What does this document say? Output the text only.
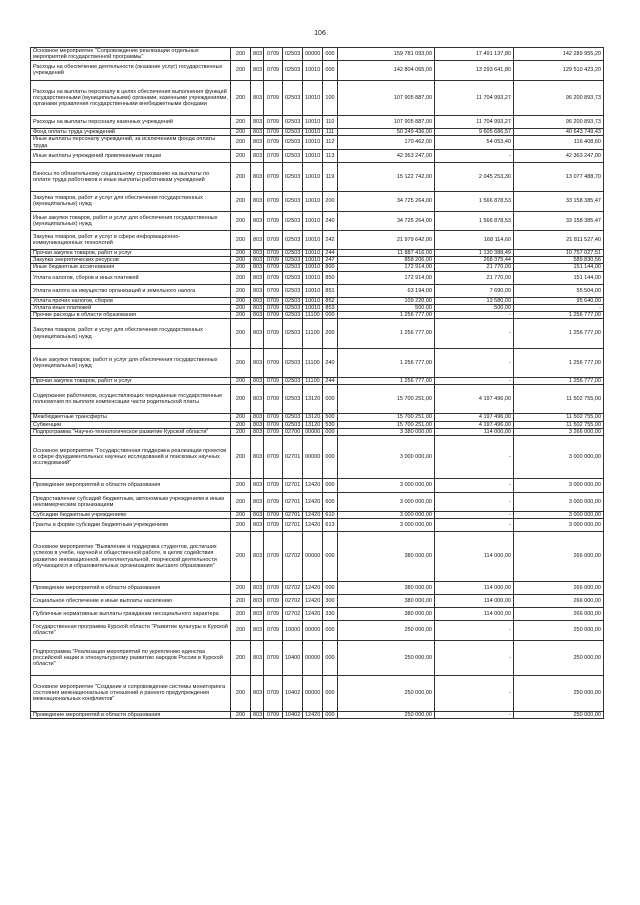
106
Основное мероприятие "Сопровождение реализации отдельных мероприятий государственной программы"	200	803	0709	02503	00000	000	159 781 093,00	17 491 137,80	142 289 955,20
Расходы на обеспечение деятельности (оказание услуг) государственных учреждений	200	803	0709	02503	10010	000	142 804 065,00	13 293 641,80	129 510 423,20
Расходы на выплаты персоналу в целях обеспечения выполнения функций государственными (муниципальными) органами, казенными учреждениями, органами управления государственными внебюджетными фондами	200	803	0709	02503	10010	100	107 905 887,00	11 704 993,27	96 200 893,73
Расходы на выплаты персоналу казенных учреждений	200	803	0709	02503	10010	110	107 905 887,00	11 704 993,27	96 200 893,73
Фонд оплаты труда учреждений	200	803	0709	02503	10010	111	50 249 436,00	9 605 686,57	40 643 749,43
Иные выплаты персоналу учреждений, за исключением фонда оплаты труда	200	803	0709	02503	10010	112	170 462,00	54 053,40	116 408,60
Иные выплаты учреждений привлекаемым лицам	200	803	0709	02503	10010	113	42 363 247,00	-	42 363 247,00
Взносы по обязательному социальному страхованию на выплаты по оплате труда работников и иные выплаты работникам учреждений	200	803	0709	02503	10010	119	15 122 742,00	2 045 253,30	13 077 488,70
Закупка товаров, работ и услуг для обеспечения государственных (муниципальных) нужд	200	803	0709	02503	10010	200	34 725 264,00	1 566 878,53	33 158 385,47
Иные закупки товаров, работ и услуг для обеспечения государственных (муниципальных) нужд	200	803	0709	02503	10010	240	34 725 264,00	1 566 878,53	33 158 385,47
Закупка товаров, работ и услуг в сфере информационно-коммуникационных технологий	200	803	0709	02503	10010	242	21 979 642,00	168 114,60	21 811 527,40
Прочая закупка товаров, работ и услуг	200	803	0709	02503	10010	244	11 887 416,00	1 130 388,49	10 757 027,51
Закупка энергетических ресурсов	200	803	0709	02503	10010	247	858 206,00	268 375,44	589 830,56
Иные бюджетные ассигнования	200	803	0709	02503	10010	800	172 914,00	21 770,00	151 144,00
Уплата налогов, сборов и иных платежей	200	803	0709	02503	10010	850	172 914,00	21 770,00	151 144,00
Уплата налога на имущество организаций и земельного налога	200	803	0709	02503	10010	851	63 194,00	7 690,00	55 504,00
Уплата прочих налогов, сборов	200	803	0709	02503	10010	852	109 220,00	13 580,00	95 640,00
Уплата иных платежей	200	803	0709	02503	10010	853	500,00	500,00	-
Прочие расходы в области образования	200	803	0709	02503	11100	000	1 256 777,00	-	1 256 777,00
Закупка товаров, работ и услуг для обеспечения государственных (муниципальных) нужд	200	803	0709	02503	11100	200	1 256 777,00	-	1 256 777,00
Иные закупки товаров, работ и услуг для обеспечения государственных (муниципальных) нужд	200	803	0709	02503	11100	240	1 256 777,00	-	1 256 777,00
Прочая закупка товаров, работ и услуг	200	803	0709	02503	11100	244	1 256 777,00	-	1 256 777,00
Содержание работников, осуществляющих переданные государственные полномочия по выплате компенсации части родительской платы	200	803	0709	02503	13120	000	15 700 251,00	4 197 496,00	11 502 755,00
Межбюджетные трансферты	200	803	0709	02503	13120	500	15 700 251,00	4 197 496,00	11 502 755,00
Субвенции	200	803	0709	02503	13120	530	15 700 251,00	4 197 496,00	11 502 755,00
Подпрограмма "Научно-технологическое развитие Курской области"	200	803	0709	02700	00000	000	3 380 000,00	114 000,00	3 266 000,00
Основное мероприятие "Государственная поддержка реализации проектов в сфере фундаментальных научных исследований и поисковых научных исследований"	200	803	0709	02701	00000	000	3 000 000,00	-	3 000 000,00
Проведение мероприятий в области образования	200	803	0709	02701	12420	000	3 000 000,00	-	3 000 000,00
Предоставление субсидий бюджетным, автономным учреждениям и иным некоммерческим организациям	200	803	0709	02701	12420	600	3 000 000,00	-	3 000 000,00
Субсидии бюджетным учреждениям	200	803	0709	02701	12420	610	3 000 000,00	-	3 000 000,00
Гранты в форме субсидии бюджетным учреждениям	200	803	0709	02701	12420	613	3 000 000,00	-	3 000 000,00
Основное мероприятие "Выявление и поддержка студентов, достигших успехов в учебе, научной и общественной работе, в целях содействия развитию инновационной, интеллектуальной, творческой деятельности обучающихся в образовательных организациях высшего образования"	200	803	0709	02702	00000	000	380 000,00	114 000,00	266 000,00
Проведение мероприятий в области образования	200	803	0709	02702	12420	000	380 000,00	114 000,00	266 000,00
Социальное обеспечение и иные выплаты населению	200	803	0709	02702	12420	300	380 000,00	114 000,00	266 000,00
Публичные нормативные выплаты гражданам несоциального характера	200	803	0709	02702	12420	330	380 000,00	114 000,00	266 000,00
Государственная программа Курской области "Развитие культуры в Курской области"	200	803	0709	10000	00000	000	250 000,00	-	250 000,00
Подпрограмма "Реализация мероприятий по укреплению единства российской нации и этнокультурному развитию народов России в Курской области"	200	803	0709	10400	00000	000	250 000,00	-	250 000,00
Основное мероприятие "Создание и сопровождение системы мониторинга состояния межнациональных отношений и раннего предупреждения межнациональных конфликтов"	200	803	0709	10402	00000	000	250 000,00	-	250 000,00
Проведение мероприятий в области образования	200	803	0709	10402	12420	000	250 000,00	-	250 000,00
